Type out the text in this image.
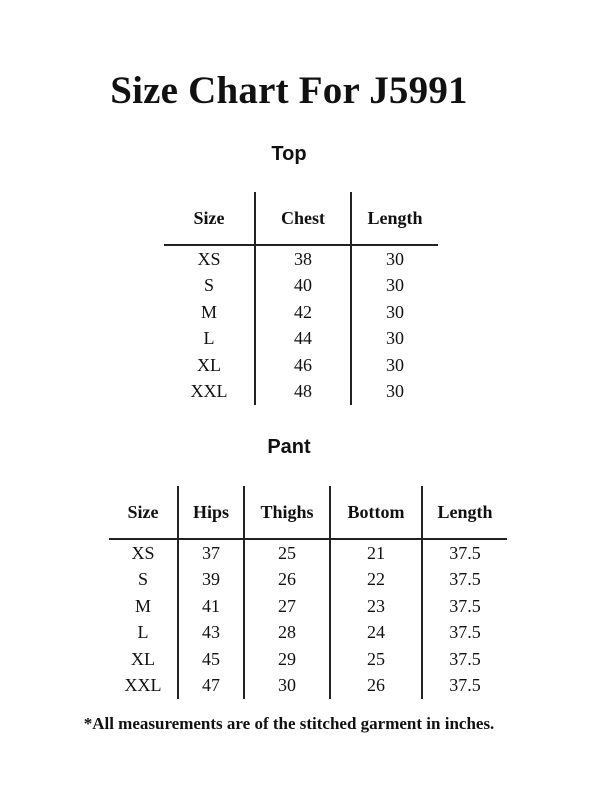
Size Chart For J5991
Top
Size	Chest	Length
XS	38	30
S	40	30
M	42	30
L	44	30
XL	46	30
XXL	48	30
Pant
Size	Hips	Thighs	Bottom	Length
XS	37	25	21	37.5
S	39	26	22	37.5
M	41	27	23	37.5
L	43	28	24	37.5
XL	45	29	25	37.5
XXL	47	30	26	37.5
*All measurements are of the stitched garment in inches.
